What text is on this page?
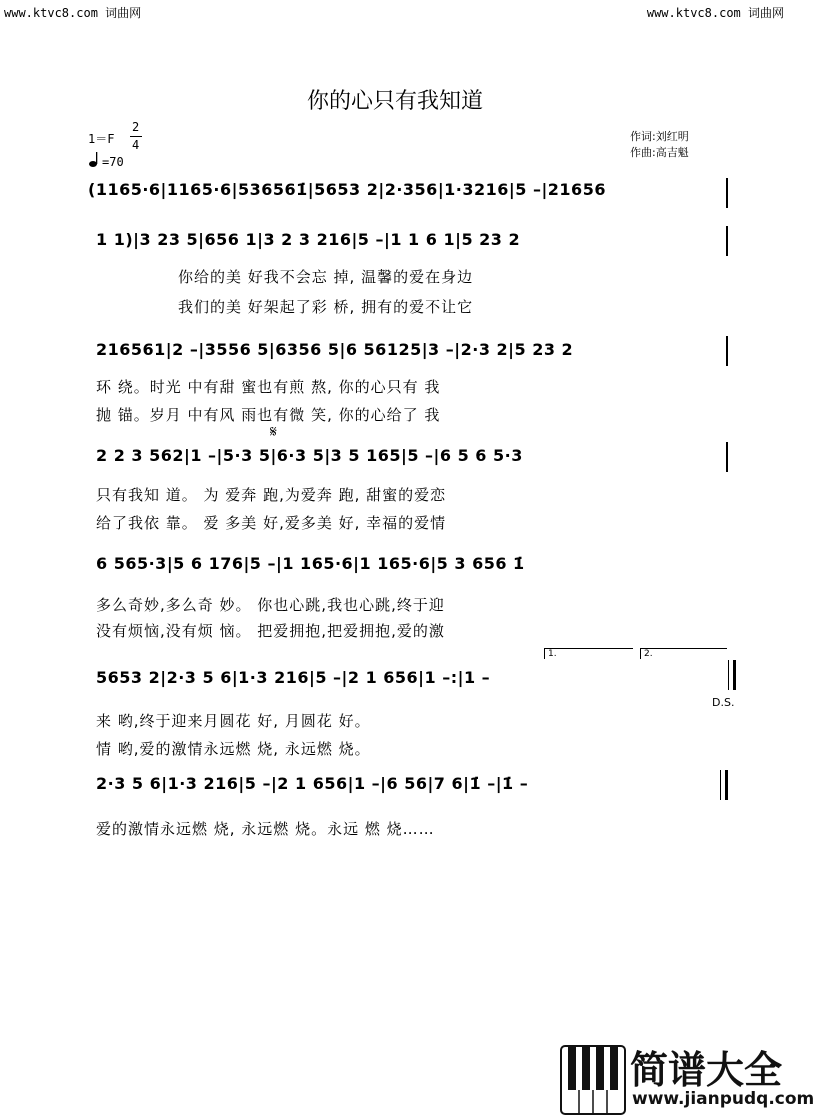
www.ktvc8.com 词曲网	www.ktvc8.com 词曲网
你的心只有我知道
1＝F
2
4
=70
作词:刘红明
作曲:高吉魁
(1165·6|1165·6|536561̇|5653 2|2·356|1·3216|5 –|21656
1 1)|3 23 5|656 1|3 2 3 216|5 –|1 1 6 1|5 23 2
你给的美 好我不会忘 掉, 温馨的爱在身边
我们的美 好架起了彩 桥, 拥有的爱不让它
216561|2 –|3556 5|6356 5|6 56125|3 –|2·3 2|5 23 2
环 绕。时光 中有甜 蜜也有煎 熬, 你的心只有 我
抛 锚。岁月 中有风 雨也有微 笑, 你的心给了 我
𝄋
2 2 3 562|1 –|5·3 5|6·3 5|3 5 165|5 –|6 5 6 5·3
只有我知 道。 为 爱奔 跑,为爱奔 跑, 甜蜜的爱恋
给了我依 靠。 爱 多美 好,爱多美 好, 幸福的爱情
6 565·3|5 6 176|5 –|1 165·6|1 165·6|5 3 656 1̇
多么奇妙,多么奇 妙。 你也心跳,我也心跳,终于迎
没有烦恼,没有烦 恼。 把爱拥抱,把爱拥抱,爱的激
1.	2.
5653 2|2·3 5 6|1·3 216|5 –|2 1 656|1 –:|1 –
D.S.
来 哟,终于迎来月圆花 好, 月圆花 好。
情 哟,爱的激情永远燃 烧, 永远燃 烧。
2·3 5 6|1·3 216|5 –|2 1 656|1 –|6 56|7 6|1̇ –|1̇ –
爱的激情永远燃 烧, 永远燃 烧。永远 燃 烧……
简谱大全
www.jianpudq.com
